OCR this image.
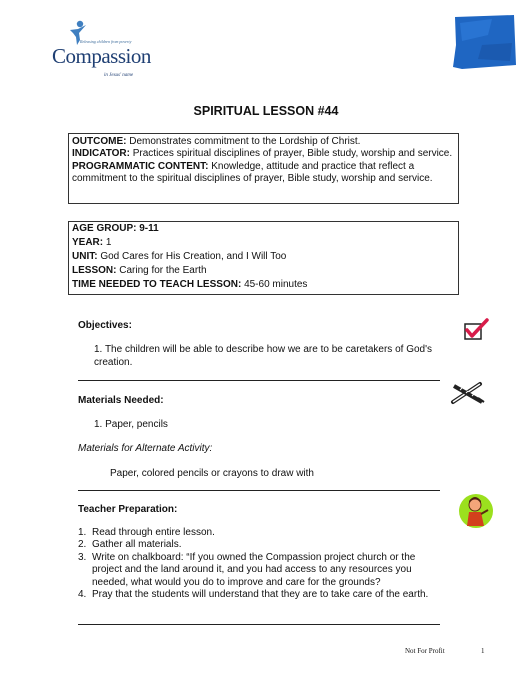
Releasing children from poverty
Compassion
in Jesus' name
SPIRITUAL LESSON #44
OUTCOME: Demonstrates commitment to the Lordship of Christ.
INDICATOR: Practices spiritual disciplines of prayer, Bible study, worship and service.
PROGRAMMATIC CONTENT: Knowledge, attitude and practice that reflect a commitment to the spiritual disciplines of prayer, Bible study, worship and service.
AGE GROUP: 9-11
YEAR: 1
UNIT: God Cares for His Creation, and I Will Too
LESSON: Caring for the Earth
TIME NEEDED TO TEACH LESSON: 45-60 minutes
Objectives:
1. The children will be able to describe how we are to be caretakers of God's creation.
Materials Needed:
1. Paper, pencils
Materials for Alternate Activity:
Paper, colored pencils or crayons to draw with
Teacher Preparation:
1. Read through entire lesson.
2. Gather all materials.
3. Write on chalkboard: “If you owned the Compassion project church or the project and the land around it, and you had access to any resources you needed, what would you do to improve and care for the grounds?
4. Pray that the students will understand that they are to take care of the earth.
Not For Profit	1
